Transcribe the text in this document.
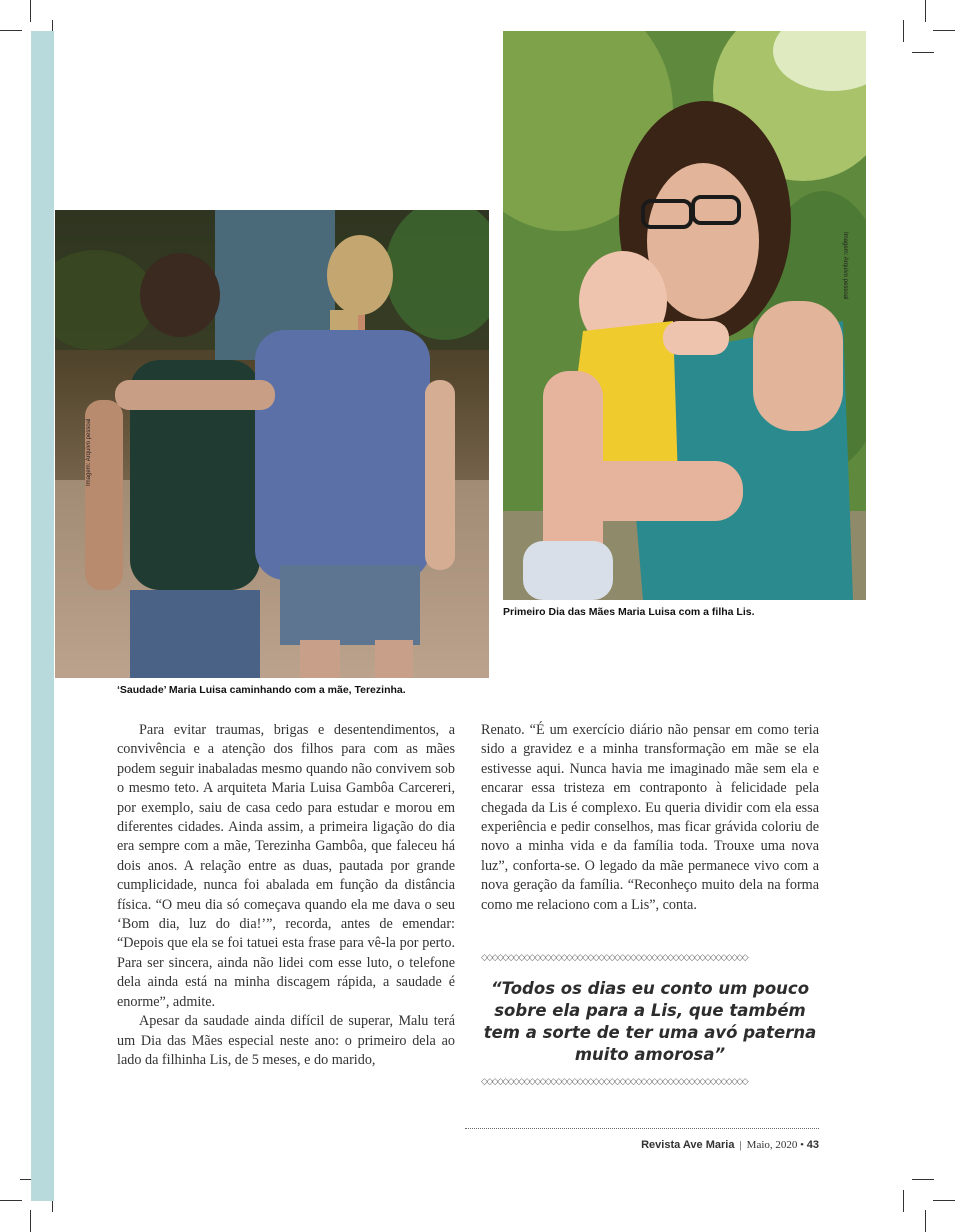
Imagem: Arquivo pessoal
‘Saudade’ Maria Luisa caminhando com a mãe, Terezinha.
Imagem: Arquivo pessoal
Primeiro Dia das Mães Maria Luisa com a filha Lis.

Para evitar traumas, brigas e desentendimentos, a convivência e a atenção dos filhos para com as mães podem seguir inabaladas mesmo quando não convivem sob o mesmo teto. A arquiteta Maria Luisa Gambôa Carcereri, por exemplo, saiu de casa cedo para estudar e morou em diferentes cidades. Ainda assim, a primeira ligação do dia era sempre com a mãe, Terezinha Gambôa, que faleceu há dois anos. A relação entre as duas, pautada por grande cumplicidade, nunca foi abalada em função da distância física. “O meu dia só começava quando ela me dava o seu ‘Bom dia, luz do dia!’”, recorda, antes de emendar: “Depois que ela se foi tatuei esta frase para vê-la por perto. Para ser sincera, ainda não lidei com esse luto, o telefone dela ainda está na minha discagem rápida, a saudade é enorme”, admite.

Apesar da saudade ainda difícil de superar, Malu terá um Dia das Mães especial neste ano: o primeiro dela ao lado da filhinha Lis, de 5 meses, e do marido,

Renato. “É um exercício diário não pensar em como teria sido a gravidez e a minha transformação em mãe se ela estivesse aqui. Nunca havia me imaginado mãe sem ela e encarar essa tristeza em contraponto à felicidade pela chegada da Lis é complexo. Eu queria dividir com ela essa experiência e pedir conselhos, mas ficar grávida coloriu de novo a minha vida e da família toda. Trouxe uma nova luz”, conforta-se. O legado da mãe permanece vivo com a nova geração da família. “Reconheço muito dela na forma como me relaciono com a Lis”, conta.

◇◇◇◇◇◇◇◇◇◇◇◇◇◇◇◇◇◇◇◇◇◇◇◇◇◇◇◇◇◇◇◇◇◇◇◇◇◇◇◇◇◇◇◇◇◇◇◇◇◇
“Todos os dias eu conto um pouco sobre ela para a Lis, que também tem a sorte de ter uma avó paterna muito amorosa”
◇◇◇◇◇◇◇◇◇◇◇◇◇◇◇◇◇◇◇◇◇◇◇◇◇◇◇◇◇◇◇◇◇◇◇◇◇◇◇◇◇◇◇◇◇◇◇◇◇◇
Revista Ave Maria | Maio, 2020 • 43
